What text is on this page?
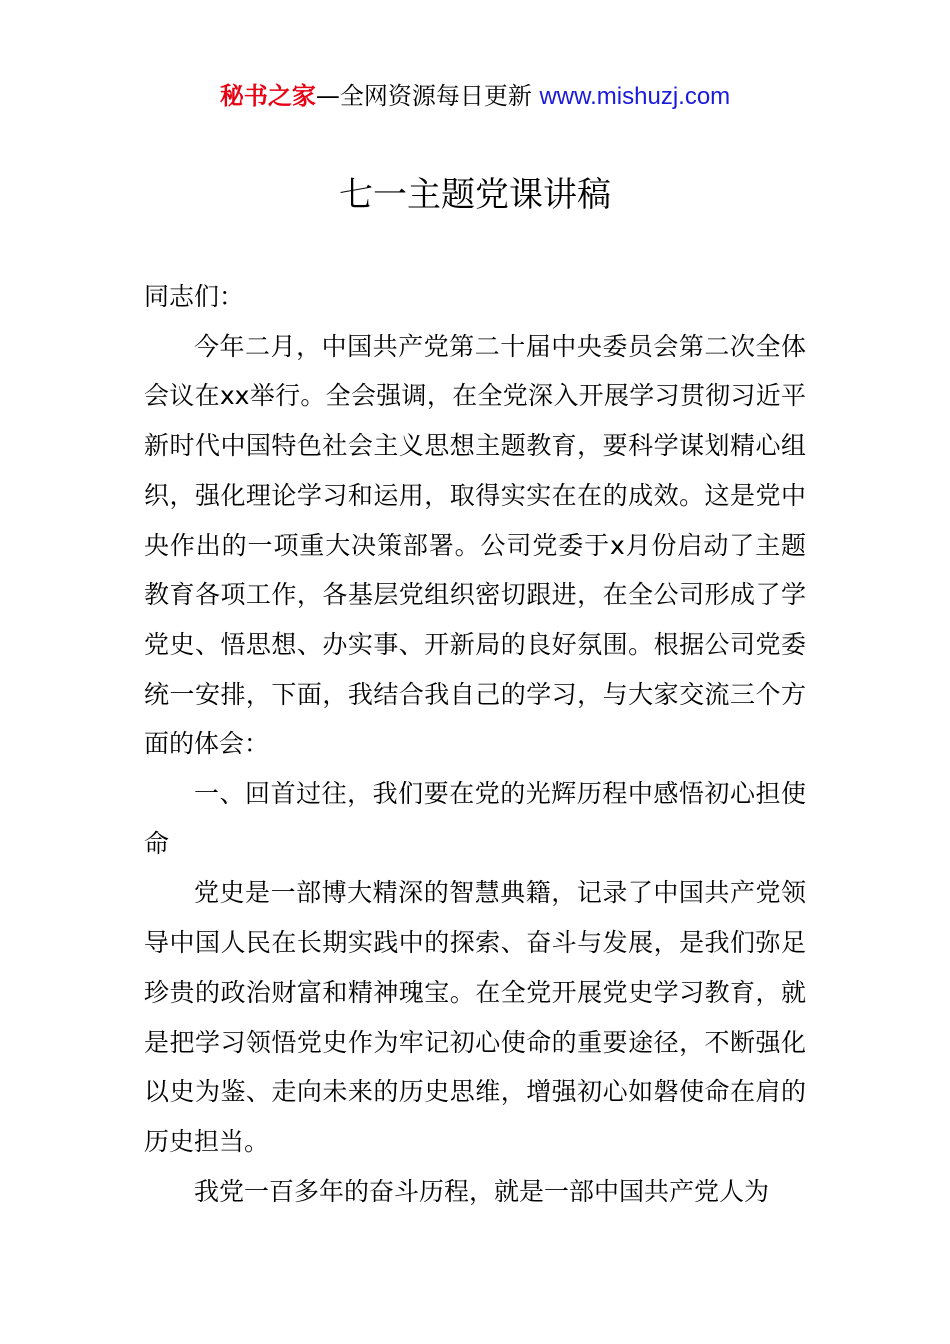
秘书之家—全网资源每日更新 www.mishuzj.com
七一主题党课讲稿

同志们：

今年二月，中国共产党第二十届中央委员会第二次全体会议在xx举行。全会强调，在全党深入开展学习贯彻习近平新时代中国特色社会主义思想主题教育，要科学谋划精心组织，强化理论学习和运用，取得实实在在的成效。这是党中央作出的一项重大决策部署。公司党委于x月份启动了主题教育各项工作，各基层党组织密切跟进，在全公司形成了学党史、悟思想、办实事、开新局的良好氛围。根据公司党委统一安排，下面，我结合我自己的学习，与大家交流三个方面的体会：

一、回首过往，我们要在党的光辉历程中感悟初心担使命

党史是一部博大精深的智慧典籍，记录了中国共产党领导中国人民在长期实践中的探索、奋斗与发展，是我们弥足珍贵的政治财富和精神瑰宝。在全党开展党史学习教育，就是把学习领悟党史作为牢记初心使命的重要途径，不断强化以史为鉴、走向未来的历史思维，增强初心如磐使命在肩的历史担当。

我党一百多年的奋斗历程，就是一部中国共产党人为
